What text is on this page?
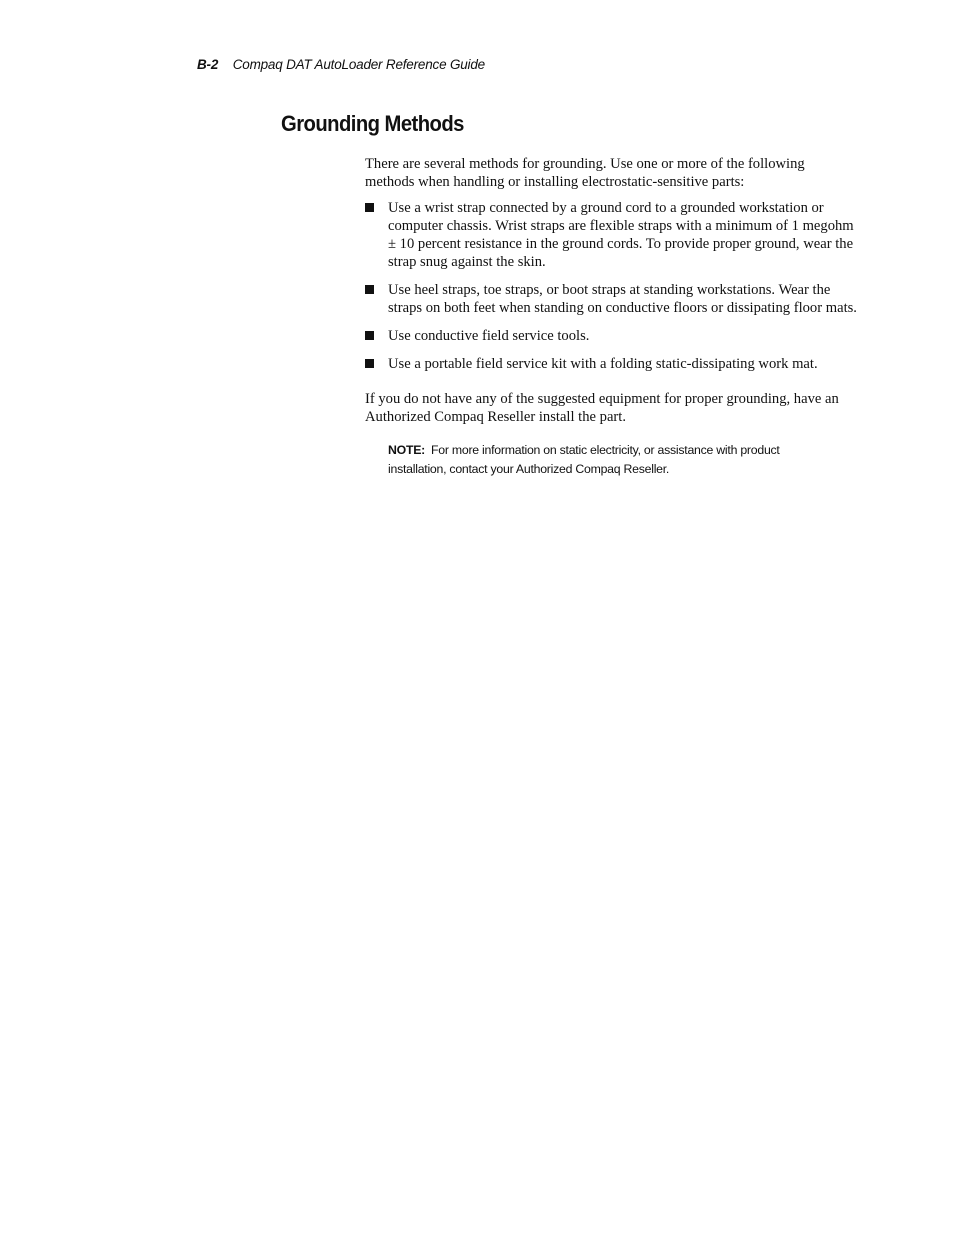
B-2 Compaq DAT AutoLoader Reference Guide
Grounding Methods

There are several methods for grounding. Use one or more of the following methods when handling or installing electrostatic-sensitive parts:

Use a wrist strap connected by a ground cord to a grounded workstation or computer chassis. Wrist straps are flexible straps with a minimum of 1 megohm ± 10 percent resistance in the ground cords. To provide proper ground, wear the strap snug against the skin.
Use heel straps, toe straps, or boot straps at standing workstations. Wear the straps on both feet when standing on conductive floors or dissipating floor mats.
Use conductive field service tools.
Use a portable field service kit with a folding static-dissipating work mat.

If you do not have any of the suggested equipment for proper grounding, have an Authorized Compaq Reseller install the part.

NOTE: For more information on static electricity, or assistance with product installation, contact your Authorized Compaq Reseller.
